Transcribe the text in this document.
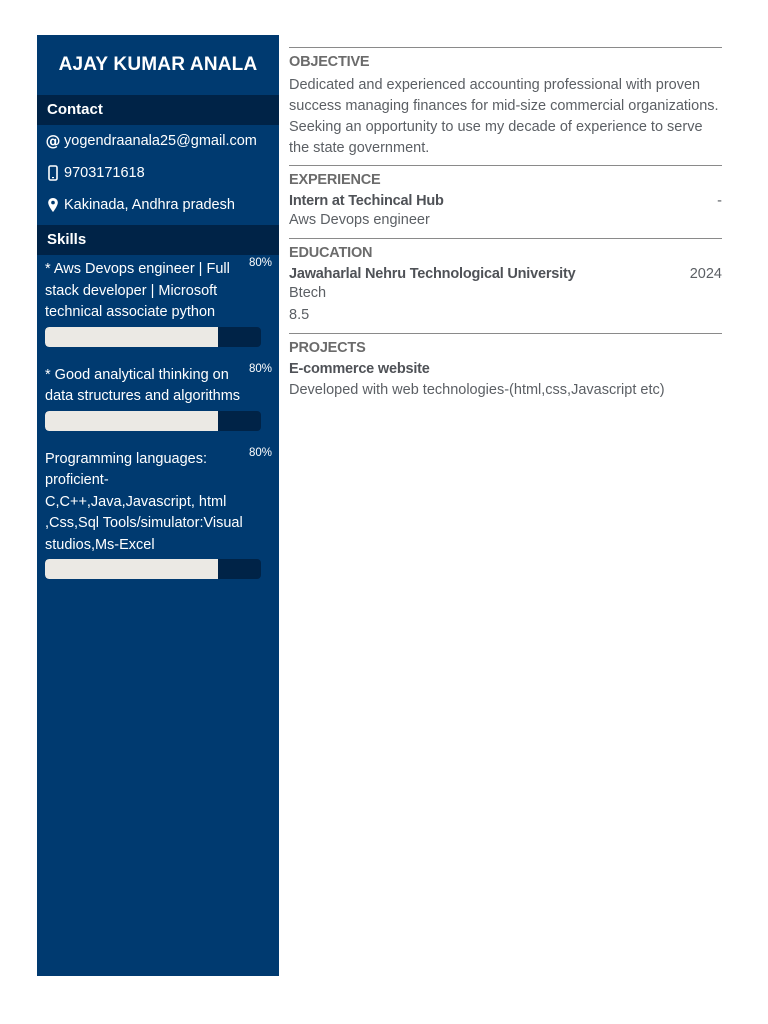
AJAY KUMAR ANALA
Contact
@ yogendraanala25@gmail.com
9703171618
Kakinada, Andhra pradesh
Skills
* Aws Devops engineer | Full stack developer | Microsoft technical associate python
80%
* Good analytical thinking on data structures and algorithms
80%
Programming languages: proficient-C,C++,Java,Javascript, html ,Css,Sql Tools/simulator:Visual studios,Ms-Excel
80%
OBJECTIVE
Dedicated and experienced accounting professional with proven success managing finances for mid-size commercial organizations. Seeking an opportunity to use my decade of experience to serve the state government.
EXPERIENCE
Intern at Techincal Hub	-
Aws Devops engineer
EDUCATION
Jawaharlal Nehru Technological University	2024
Btech
8.5
PROJECTS
E-commerce website
Developed with web technologies-(html,css,Javascript etc)
